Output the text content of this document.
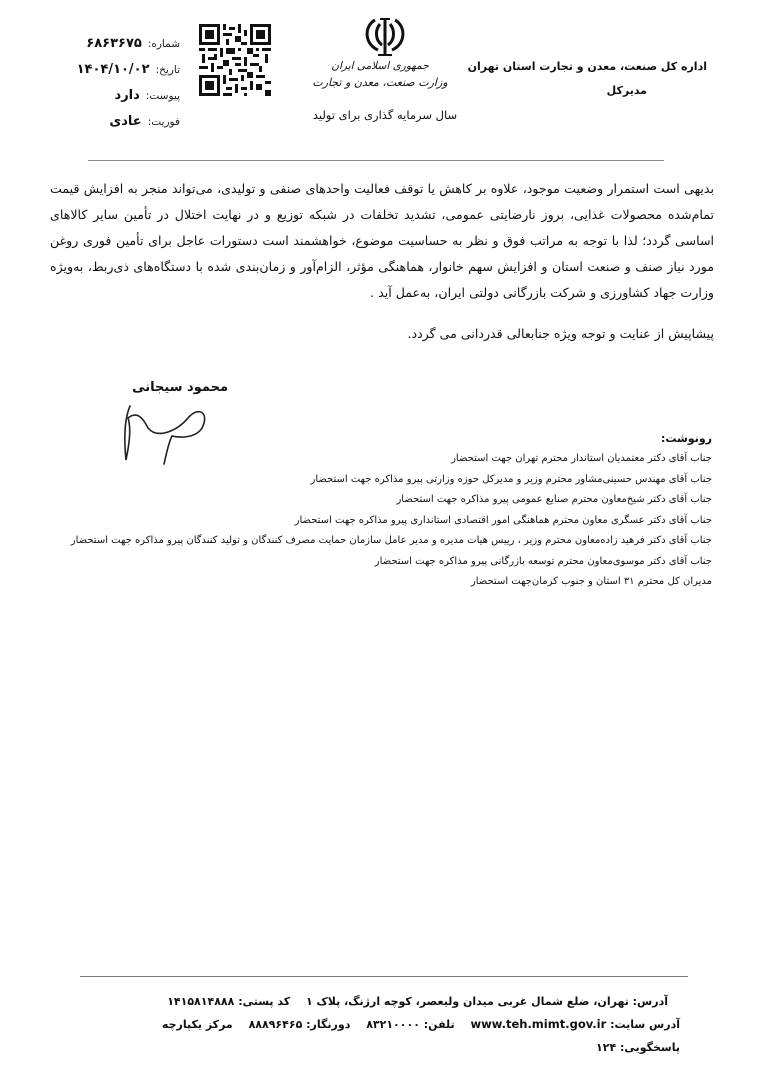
شماره:
۶۸۶۳۶۷۵
تاریخ:
۱۴۰۴/۱۰/۰۲
پیوست:
دارد
فوریت:
عادی
جمهوری اسلامی ایران
وزارت صنعت، معدن و تجارت
سال سرمایه گذاری برای تولید
اداره کل صنعت، معدن و تجارت استان تهران
مدیرکل
بدیهی است استمرار وضعیت موجود، علاوه بر کاهش یا توقف فعالیت واحدهای صنفی و تولیدی، می‌تواند منجر به افزایش قیمت تمام‌شده محصولات غذایی، بروز نارضایتی عمومی، تشدید تخلفات در شبکه توزیع و در نهایت اختلال در تأمین سایر کالاهای اساسی گردد؛ لذا با توجه به مراتب فوق و نظر به حساسیت موضوع، خواهشمند است دستورات عاجل برای تأمین فوری روغن مورد نیاز صنف و صنعت استان و افزایش سهم خانوار، هماهنگی مؤثر، الزام‌آور و زمان‌بندی شده با دستگاه‌های ذی‌ربط، به‌ویژه وزارت جهاد کشاورزی و شرکت بازرگانی دولتی ایران، به‌عمل آید .
پیشاپیش از عنایت و توجه ویژه جنابعالی قدردانی می گردد.
محمود سیجانی
رونوشت:
جناب آقای دکتر معتمدیان استاندار محترم تهران جهت استحضار
جناب آقای مهندس حسینی‌مشاور محترم وزیر و مدیرکل حوزه وزارتی پیرو مذاکره جهت استحضار
جناب آقای دکتر شیخ‌معاون محترم صنایع عمومی پیرو مذاکره جهت استحضار
جناب آقای دکتر عسگری معاون محترم هماهنگی امور اقتصادی استانداری پیرو مذاکره جهت استحضار
جناب آقای دکتر فرهید زاده‌معاون محترم وزیر ، رییس هیات مدیره و مدیر عامل سازمان حمایت مصرف کنندگان و تولید کنندگان پیرو مذاکره جهت استحضار
جناب آقای دکتر موسوی‌معاون محترم توسعه بازرگانی پیرو مذاکره جهت استحضار
مدیران کل محترم ۳۱ استان و جنوب کرمان‌جهت استحضار
آدرس: تهران، ضلع شمال غربی میدان ولیعصر، کوچه ارژنگ، پلاک ۱ کد پستی: ۱۴۱۵۸۱۴۸۸۸
آدرس سایت: www.teh.mimt.gov.ir تلفن: ۸۳۲۱۰۰۰۰ دورنگار: ۸۸۸۹۶۴۶۵ مرکز یکپارچه پاسخگویی: ۱۲۴
